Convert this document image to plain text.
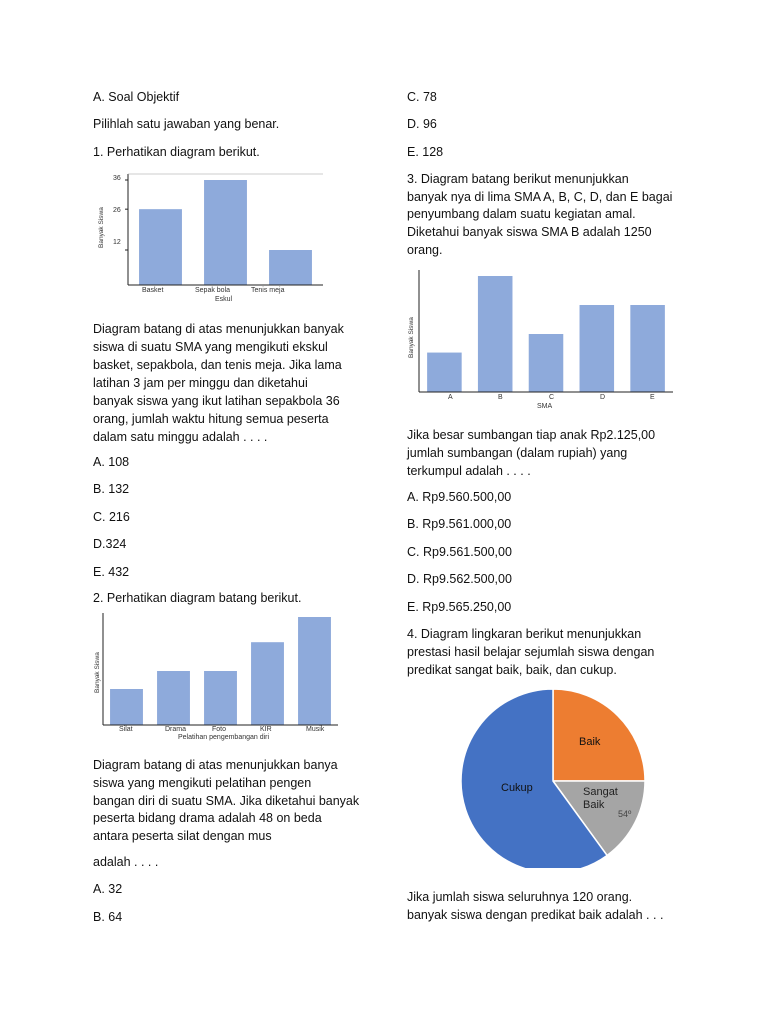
A. Soal Objektif
Pilihlah satu jawaban yang benar.
1. Perhatikan diagram berikut.
Banyak Siswa
36
26
12
Basket	Sepak bola	Tenis meja
Eskul
Diagram batang di atas menunjukkan banyak
siswa di suatu SMA yang mengikuti ekskul
basket, sepakbola, dan tenis meja. Jika lama
latihan 3 jam per minggu dan diketahui
banyak siswa yang ikut latihan sepakbola 36
orang, jumlah waktu hitung semua peserta
dalam satu minggu adalah . . . .
A. 108
B. 132
C. 216
D.324
E. 432
2. Perhatikan diagram batang berikut.
Banyak Siswa
Silat	Drama	Foto	KIR	Musik
Pelatihan pengembangan diri
Diagram batang di atas menunjukkan banya
siswa yang mengikuti pelatihan pengen
bangan diri di suatu SMA. Jika diketahui banyak
peserta bidang drama adalah 48 on beda
antara peserta silat dengan mus
adalah . . . .
A. 32
B. 64
C. 78
D. 96
E. 128
3. Diagram batang berikut menunjukkan
banyak nya di lima SMA A, B, C, D, dan E bagai
penyumbang dalam suatu kegiatan amal.
Diketahui banyak siswa SMA B adalah 1250
orang.
Banyak Siswa
A	B	C	D	E
SMA
Jika besar sumbangan tiap anak Rp2.125,00
jumlah sumbangan (dalam rupiah) yang
terkumpul adalah . . . .
A. Rp9.560.500,00
B. Rp9.561.000,00
C. Rp9.561.500,00
D. Rp9.562.500,00
E. Rp9.565.250,00
4. Diagram lingkaran berikut menunjukkan
prestasi hasil belajar sejumlah siswa dengan
predikat sangat baik, baik, dan cukup.
Cukup
Baik
Sangat Baik
54º
Jika jumlah siswa seluruhnya 120 orang.
banyak siswa dengan predikat baik adalah . . .
